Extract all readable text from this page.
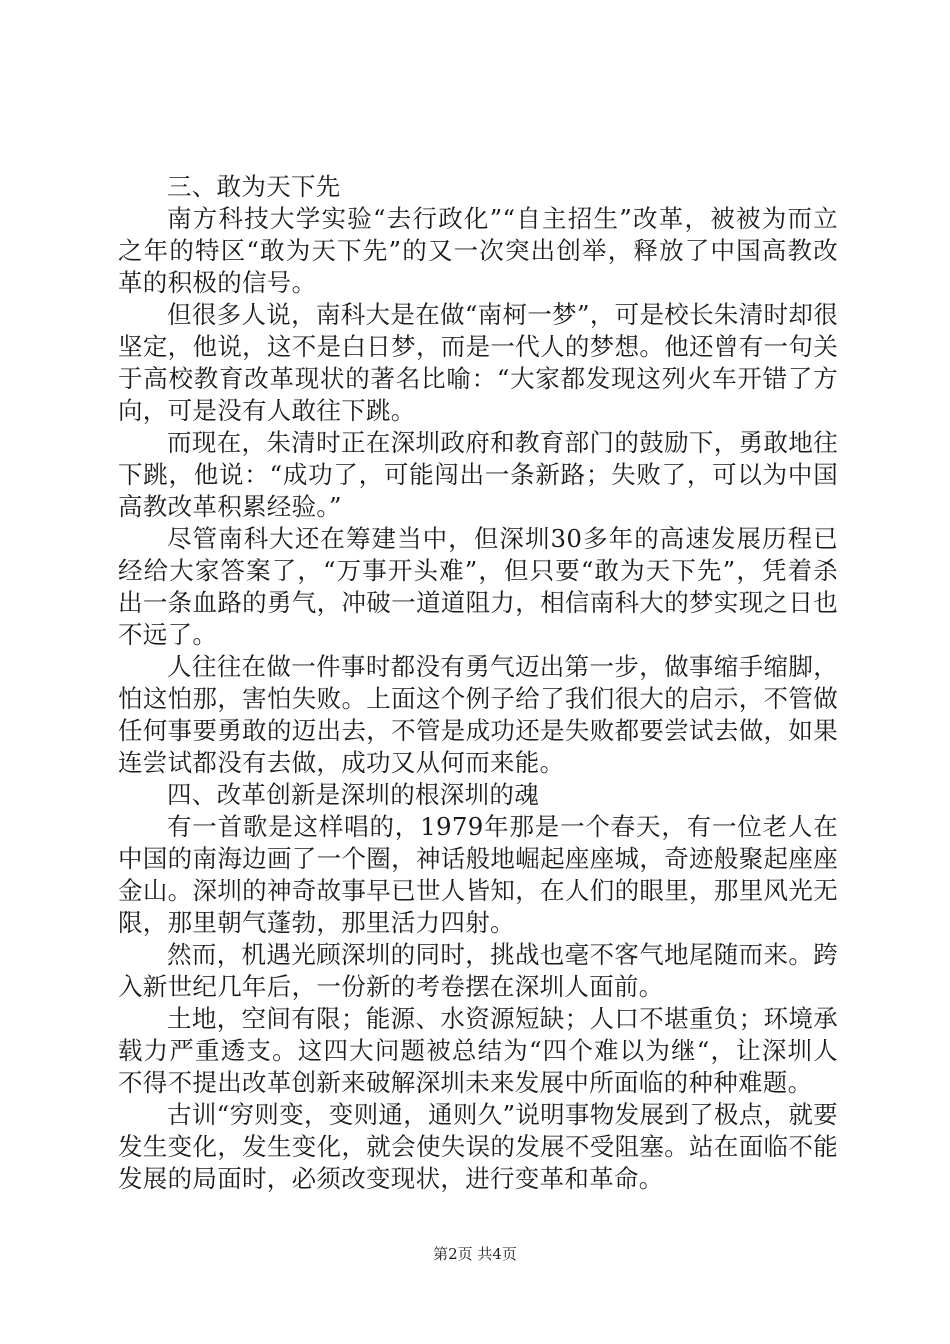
三、敢为天下先

南方科技大学实验“去行政化”“自主招生”改革，被被为而立之年的特区“敢为天下先”的又一次突出创举，释放了中国高教改革的积极的信号。

但很多人说，南科大是在做“南柯一梦”，可是校长朱清时却很坚定，他说，这不是白日梦，而是一代人的梦想。他还曾有一句关于高校教育改革现状的著名比喻：“大家都发现这列火车开错了方向，可是没有人敢往下跳。

而现在，朱清时正在深圳政府和教育部门的鼓励下，勇敢地往下跳，他说：“成功了，可能闯出一条新路；失败了，可以为中国高教改革积累经验。”

尽管南科大还在筹建当中，但深圳30多年的高速发展历程已经给大家答案了，“万事开头难”，但只要“敢为天下先”，凭着杀出一条血路的勇气，冲破一道道阻力，相信南科大的梦实现之日也不远了。

人往往在做一件事时都没有勇气迈出第一步，做事缩手缩脚，怕这怕那，害怕失败。上面这个例子给了我们很大的启示，不管做任何事要勇敢的迈出去，不管是成功还是失败都要尝试去做，如果连尝试都没有去做，成功又从何而来能。

四、改革创新是深圳的根深圳的魂

有一首歌是这样唱的，1979年那是一个春天，有一位老人在中国的南海边画了一个圈，神话般地崛起座座城，奇迹般聚起座座金山。深圳的神奇故事早已世人皆知，在人们的眼里，那里风光无限，那里朝气蓬勃，那里活力四射。

然而，机遇光顾深圳的同时，挑战也毫不客气地尾随而来。跨入新世纪几年后，一份新的考卷摆在深圳人面前。

土地，空间有限；能源、水资源短缺；人口不堪重负；环境承载力严重透支。这四大问题被总结为“四个难以为继“，让深圳人不得不提出改革创新来破解深圳未来发展中所面临的种种难题。

古训“穷则变，变则通，通则久”说明事物发展到了极点，就要发生变化，发生变化，就会使失误的发展不受阻塞。站在面临不能发展的局面时，必须改变现状，进行变革和革命。

第2页 共4页
